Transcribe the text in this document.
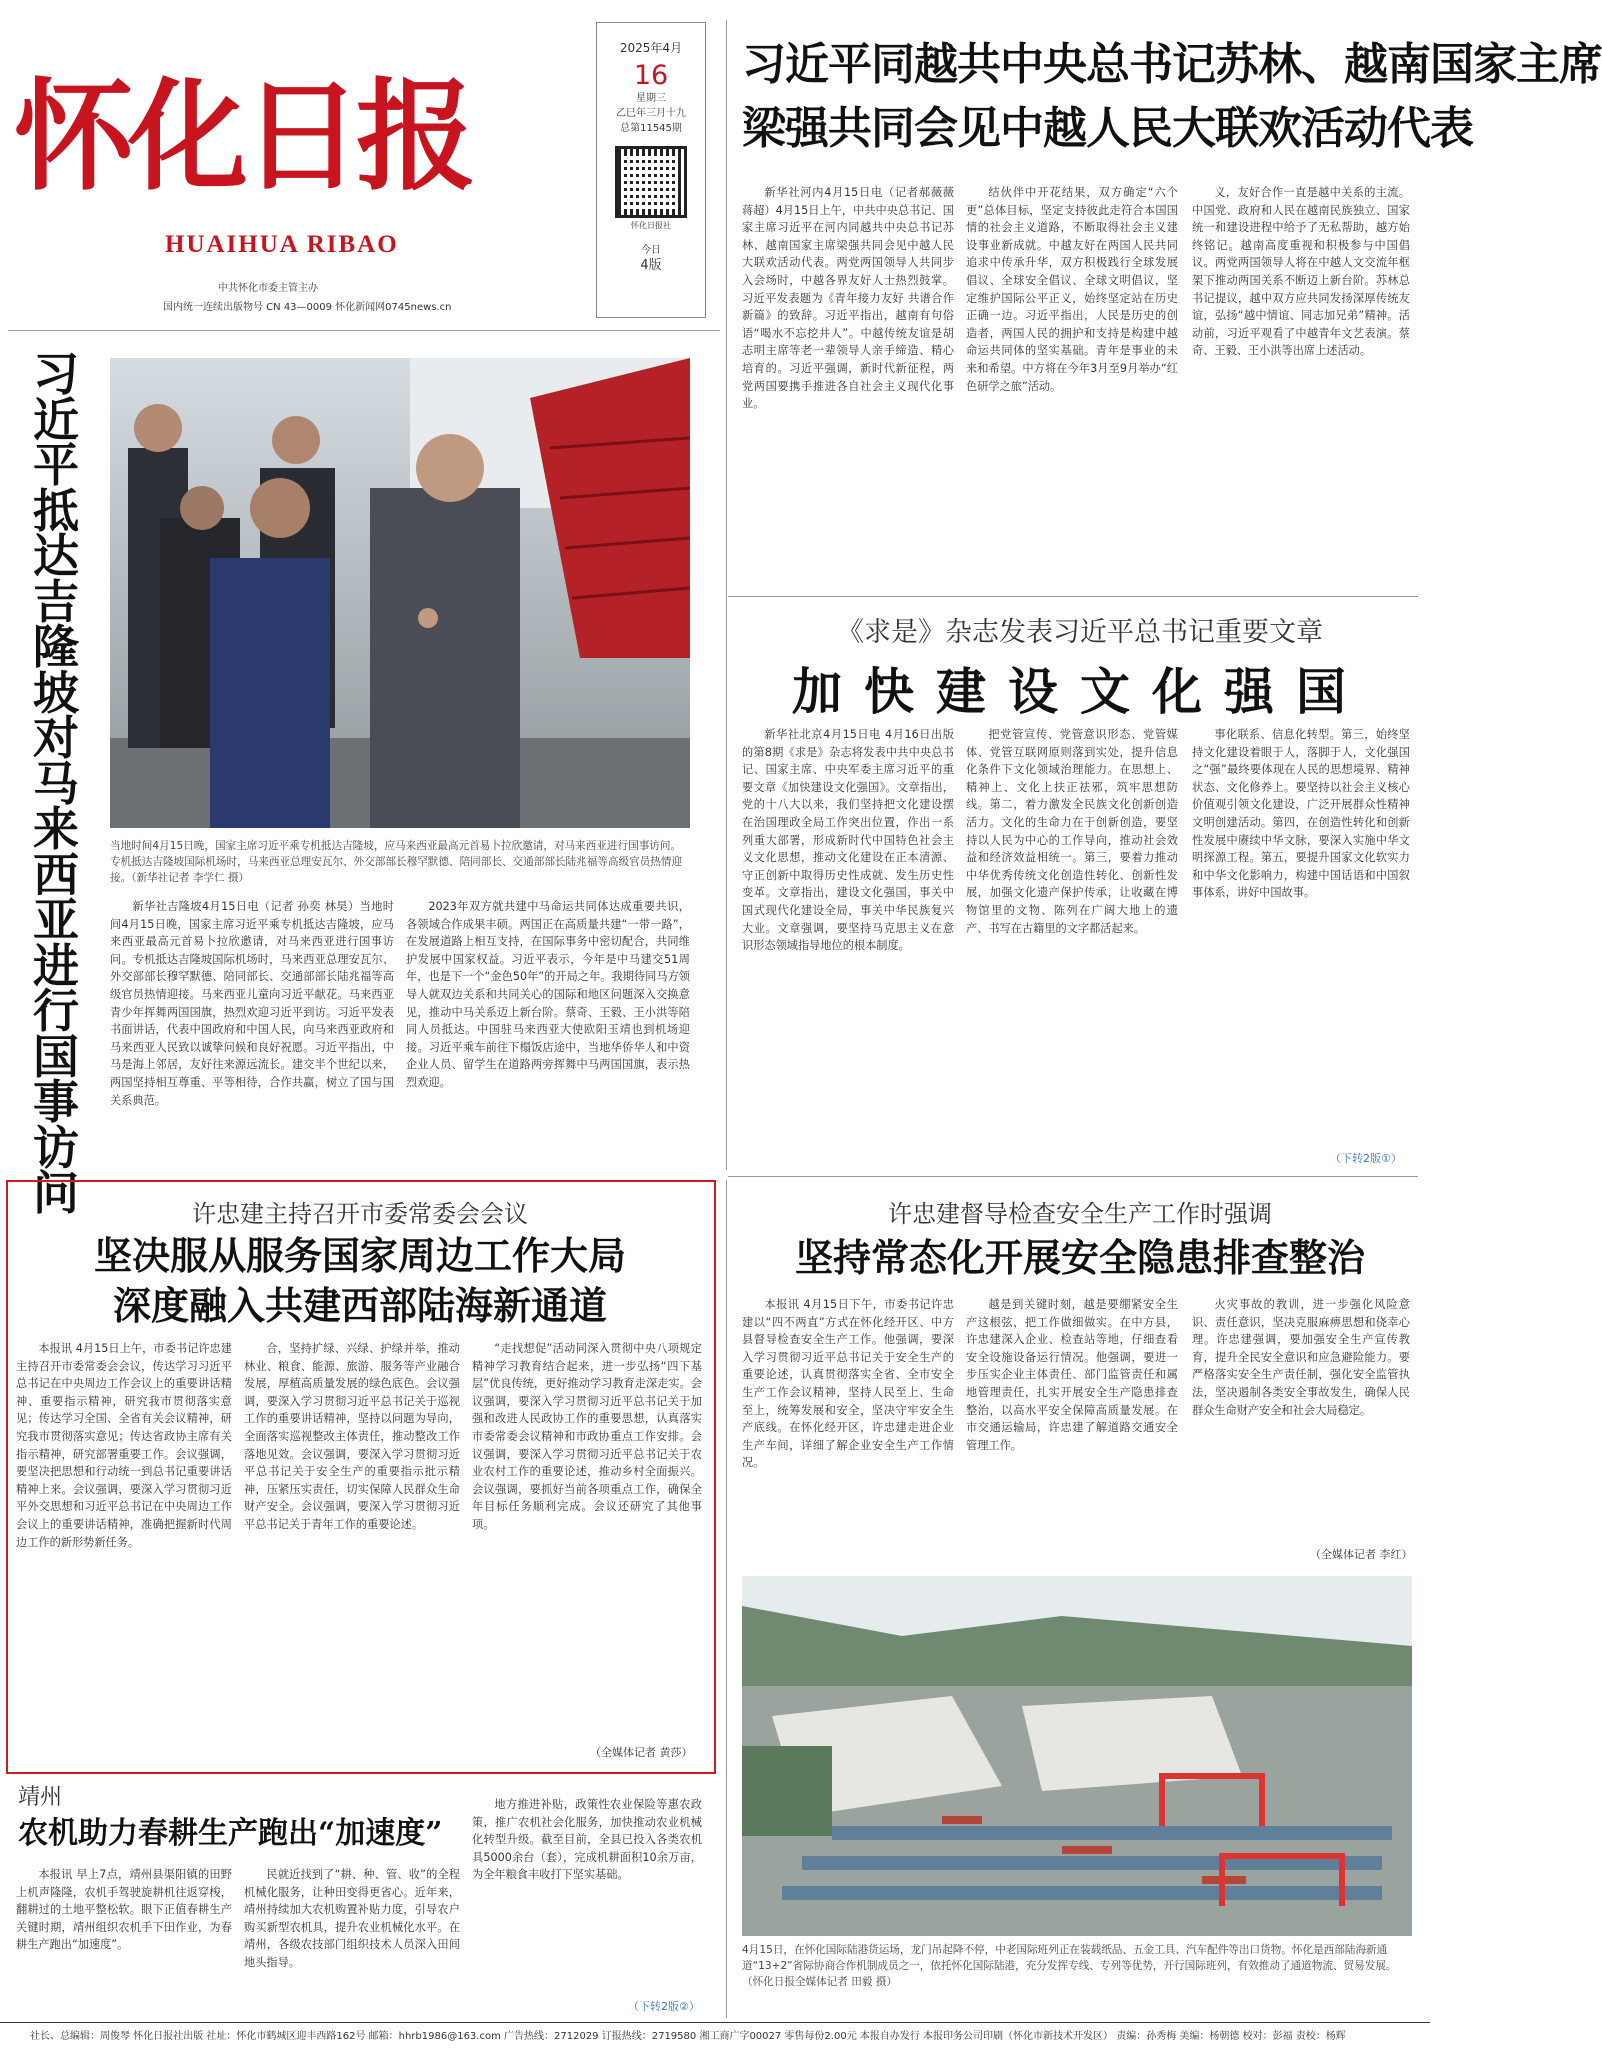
怀化日报
HUAIHUA RIBAO
中共怀化市委主管主办
国内统一连续出版物号 CN 43—0009 怀化新闻网0745news.cn
2025年4月
16
星期三
乙巳年三月十九
总第11545期
怀化日报社
今日
4版
习近平同越共中央总书记苏林、越南国家主席
梁强共同会见中越人民大联欢活动代表

新华社河内4月15日电（记者郝薇薇 蒋超）4月15日上午，中共中央总书记、国家主席习近平在河内同越共中央总书记苏林、越南国家主席梁强共同会见中越人民大联欢活动代表。两党两国领导人共同步入会场时，中越各界友好人士热烈鼓掌。习近平发表题为《青年接力友好 共谱合作新篇》的致辞。习近平指出，越南有句俗语“喝水不忘挖井人”。中越传统友谊是胡志明主席等老一辈领导人亲手缔造、精心培育的。习近平强调，新时代新征程，两党两国要携手推进各自社会主义现代化事业。

结伙伴中开花结果，双方确定“六个更”总体目标，坚定支持彼此走符合本国国情的社会主义道路，不断取得社会主义建设事业新成就。中越友好在两国人民共同追求中传承升华，双方积极践行全球发展倡议、全球安全倡议、全球文明倡议，坚定维护国际公平正义，始终坚定站在历史正确一边。习近平指出，人民是历史的创造者，两国人民的拥护和支持是构建中越命运共同体的坚实基础。青年是事业的未来和希望。中方将在今年3月至9月举办“红色研学之旅”活动。

义，友好合作一直是越中关系的主流。中国党、政府和人民在越南民族独立、国家统一和建设进程中给予了无私帮助，越方始终铭记。越南高度重视和积极参与中国倡议。两党两国领导人将在中越人文交流年框架下推动两国关系不断迈上新台阶。苏林总书记提议，越中双方应共同发扬深厚传统友谊，弘扬“越中情谊、同志加兄弟”精神。活动前，习近平观看了中越青年文艺表演。蔡奇、王毅、王小洪等出席上述活动。

习近平抵达吉隆坡对马来西亚进行国事访问
当地时间4月15日晚，国家主席习近平乘专机抵达吉隆坡，应马来西亚最高元首易卜拉欣邀请，对马来西亚进行国事访问。专机抵达吉隆坡国际机场时，马来西亚总理安瓦尔、外交部部长穆罕默德、陪同部长、交通部部长陆兆福等高级官员热情迎接。（新华社记者 李学仁 摄）

新华社吉隆坡4月15日电（记者 孙奕 林昊）当地时间4月15日晚，国家主席习近平乘专机抵达吉隆坡，应马来西亚最高元首易卜拉欣邀请，对马来西亚进行国事访问。专机抵达吉隆坡国际机场时，马来西亚总理安瓦尔、外交部部长穆罕默德、陪同部长、交通部部长陆兆福等高级官员热情迎接。马来西亚儿童向习近平献花。马来西亚青少年挥舞两国国旗，热烈欢迎习近平到访。习近平发表书面讲话，代表中国政府和中国人民，向马来西亚政府和马来西亚人民致以诚挚问候和良好祝愿。习近平指出，中马是海上邻居，友好往来源远流长。建交半个世纪以来，两国坚持相互尊重、平等相待，合作共赢，树立了国与国关系典范。

2023年双方就共建中马命运共同体达成重要共识，各领域合作成果丰硕。两国正在高质量共建“一带一路”，在发展道路上相互支持，在国际事务中密切配合，共同维护发展中国家权益。习近平表示，今年是中马建交51周年，也是下一个“金色50年”的开局之年。我期待同马方领导人就双边关系和共同关心的国际和地区问题深入交换意见，推动中马关系迈上新台阶。蔡奇、王毅、王小洪等陪同人员抵达。中国驻马来西亚大使欧阳玉靖也到机场迎接。习近平乘车前往下榻饭店途中，当地华侨华人和中资企业人员、留学生在道路两旁挥舞中马两国国旗，表示热烈欢迎。

《求是》杂志发表习近平总书记重要文章
加快建设文化强国

新华社北京4月15日电 4月16日出版的第8期《求是》杂志将发表中共中央总书记、国家主席、中央军委主席习近平的重要文章《加快建设文化强国》。文章指出，党的十八大以来，我们坚持把文化建设摆在治国理政全局工作突出位置，作出一系列重大部署，形成新时代中国特色社会主义文化思想，推动文化建设在正本清源、守正创新中取得历史性成就、发生历史性变革。文章指出，建设文化强国，事关中国式现代化建设全局，事关中华民族复兴大业。文章强调，要坚持马克思主义在意识形态领域指导地位的根本制度。

把党管宣传、党管意识形态、党管媒体、党管互联网原则落到实处，提升信息化条件下文化领域治理能力。在思想上、精神上、文化上扶正祛邪，筑牢思想防线。第二，着力激发全民族文化创新创造活力。文化的生命力在于创新创造，要坚持以人民为中心的工作导向，推动社会效益和经济效益相统一。第三，要着力推动中华优秀传统文化创造性转化、创新性发展，加强文化遗产保护传承，让收藏在博物馆里的文物、陈列在广阔大地上的遗产、书写在古籍里的文字都活起来。

事化联系、信息化转型。第三，始终坚持文化建设着眼于人，落脚于人，文化强国之“强”最终要体现在人民的思想境界、精神状态、文化修养上。要坚持以社会主义核心价值观引领文化建设，广泛开展群众性精神文明创建活动。第四，在创造性转化和创新性发展中赓续中华文脉，要深入实施中华文明探源工程。第五，要提升国家文化软实力和中华文化影响力，构建中国话语和中国叙事体系，讲好中国故事。

（下转2版①）
许忠建主持召开市委常委会会议
坚决服从服务国家周边工作大局
深度融入共建西部陆海新通道

本报讯 4月15日上午，市委书记许忠建主持召开市委常委会会议，传达学习习近平总书记在中央周边工作会议上的重要讲话精神、重要指示精神，研究我市贯彻落实意见；传达学习全国、全省有关会议精神，研究我市贯彻落实意见；传达省政协主席有关指示精神，研究部署重要工作。会议强调，要坚决把思想和行动统一到总书记重要讲话精神上来。会议强调，要深入学习贯彻习近平外交思想和习近平总书记在中央周边工作会议上的重要讲话精神，准确把握新时代周边工作的新形势新任务。

合，坚持扩绿、兴绿、护绿并举，推动林业、粮食、能源、旅游、服务等产业融合发展，厚植高质量发展的绿色底色。会议强调，要深入学习贯彻习近平总书记关于巡视工作的重要讲话精神，坚持以问题为导向，全面落实巡视整改主体责任，推动整改工作落地见效。会议强调，要深入学习贯彻习近平总书记关于安全生产的重要指示批示精神，压紧压实责任，切实保障人民群众生命财产安全。会议强调，要深入学习贯彻习近平总书记关于青年工作的重要论述。

“走找想促”活动同深入贯彻中央八项规定精神学习教育结合起来，进一步弘扬“四下基层”优良传统，更好推动学习教育走深走实。会议强调，要深入学习贯彻习近平总书记关于加强和改进人民政协工作的重要思想，认真落实市委常委会议精神和市政协重点工作安排。会议强调，要深入学习贯彻习近平总书记关于农业农村工作的重要论述，推动乡村全面振兴。会议强调，要抓好当前各项重点工作，确保全年目标任务顺利完成。会议还研究了其他事项。

（全媒体记者 黄莎）
许忠建督导检查安全生产工作时强调
坚持常态化开展安全隐患排查整治

本报讯 4月15日下午，市委书记许忠建以“四不两直”方式在怀化经开区、中方县督导检查安全生产工作。他强调，要深入学习贯彻习近平总书记关于安全生产的重要论述，认真贯彻落实全省、全市安全生产工作会议精神，坚持人民至上、生命至上，统筹发展和安全，坚决守牢安全生产底线。在怀化经开区，许忠建走进企业生产车间，详细了解企业安全生产工作情况。

越是到关键时刻，越是要绷紧安全生产这根弦，把工作做细做实。在中方县，许忠建深入企业、检查站等地，仔细查看安全设施设备运行情况。他强调，要进一步压实企业主体责任、部门监管责任和属地管理责任，扎实开展安全生产隐患排查整治，以高水平安全保障高质量发展。在市交通运输局，许忠建了解道路交通安全管理工作。

火灾事故的教训，进一步强化风险意识、责任意识，坚决克服麻痹思想和侥幸心理。许忠建强调，要加强安全生产宣传教育，提升全民安全意识和应急避险能力。要严格落实安全生产责任制，强化安全监管执法，坚决遏制各类安全事故发生，确保人民群众生命财产安全和社会大局稳定。

（全媒体记者 李红）
4月15日，在怀化国际陆港货运场，龙门吊起降不停，中老国际班列正在装载纸品、五金工具、汽车配件等出口货物。怀化是西部陆海新通道“13+2”省际协商合作机制成员之一，依托怀化国际陆港，充分发挥专线、专列等优势，开行国际班列，有效推动了通道物流、贸易发展。（怀化日报全媒体记者 田毅 摄）
靖州
农机助力春耕生产跑出“加速度”

本报讯 早上7点，靖州县渠阳镇的田野上机声隆隆，农机手驾驶旋耕机往返穿梭，翻耕过的土地平整松软。眼下正值春耕生产关键时期，靖州组织农机手下田作业，为春耕生产跑出“加速度”。

民就近找到了“耕、种、管、收”的全程机械化服务，让种田变得更省心。近年来，靖州持续加大农机购置补贴力度，引导农户购买新型农机具，提升农业机械化水平。在靖州，各级农技部门组织技术人员深入田间地头指导。

地方推进补贴，政策性农业保险等惠农政策，推广农机社会化服务，加快推动农业机械化转型升级。截至目前，全县已投入各类农机具5000余台（套），完成机耕面积10余万亩，为全年粮食丰收打下坚实基础。

（下转2版②）
社长、总编辑：周俊琴 怀化日报社出版 社址：怀化市鹤城区迎丰西路162号 邮箱：hhrb1986@163.com 广告热线：2712029 订报热线：2719580 湘工商广字00027 零售每份2.00元 本报自办发行 本报印务公司印刷（怀化市新技术开发区） 责编：孙秀梅 美编：杨朝德 校对：彭福 责校：杨辉
